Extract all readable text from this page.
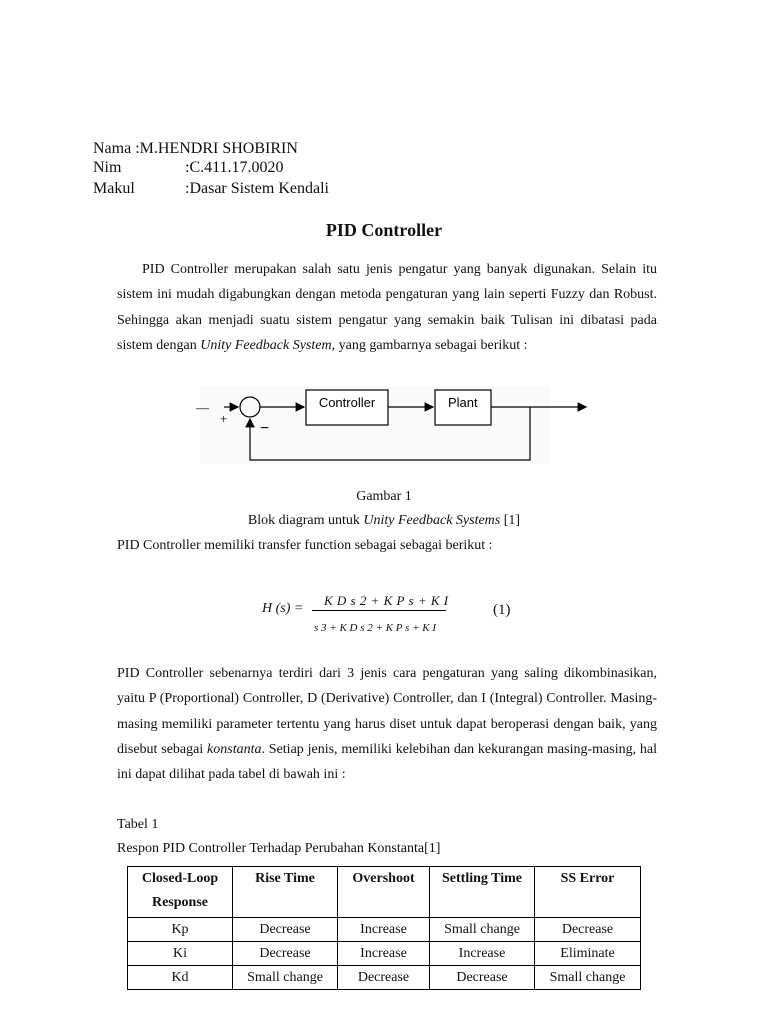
Nama :M.HENDRI SHOBIRIN
Nim	:C.411.17.0020
Makul	:Dasar Sistem Kendali
PID Controller
PID Controller merupakan salah satu jenis pengatur yang banyak digunakan. Selain itu sistem ini mudah digabungkan dengan metoda pengaturan yang lain seperti Fuzzy dan Robust. Sehingga akan menjadi suatu sistem pengatur yang semakin baik Tulisan ini dibatasi pada sistem dengan Unity Feedback System, yang gambarnya sebagai berikut :
—
+
−
Controller	Plant
Gambar 1
Blok diagram untuk Unity Feedback Systems [1]
PID Controller memiliki transfer function sebagai sebagai berikut :
H (s) =
K D s 2 + K P s + K I
s 3 + K D s 2 + K P s + K I
(1)
PID Controller sebenarnya terdiri dari 3 jenis cara pengaturan yang saling dikombinasikan, yaitu P (Proportional) Controller, D (Derivative) Controller, dan I (Integral) Controller. Masing-masing memiliki parameter tertentu yang harus diset untuk dapat beroperasi dengan baik, yang disebut sebagai konstanta. Setiap jenis, memiliki kelebihan dan kekurangan masing-masing, hal ini dapat dilihat pada tabel di bawah ini :
Tabel 1
Respon PID Controller Terhadap Perubahan Konstanta[1]
Closed-Loop Response	Rise Time	Overshoot	Settling Time	SS Error
Kp	Decrease	Increase	Small change	Decrease
Ki	Decrease	Increase	Increase	Eliminate
Kd	Small change	Decrease	Decrease	Small change
